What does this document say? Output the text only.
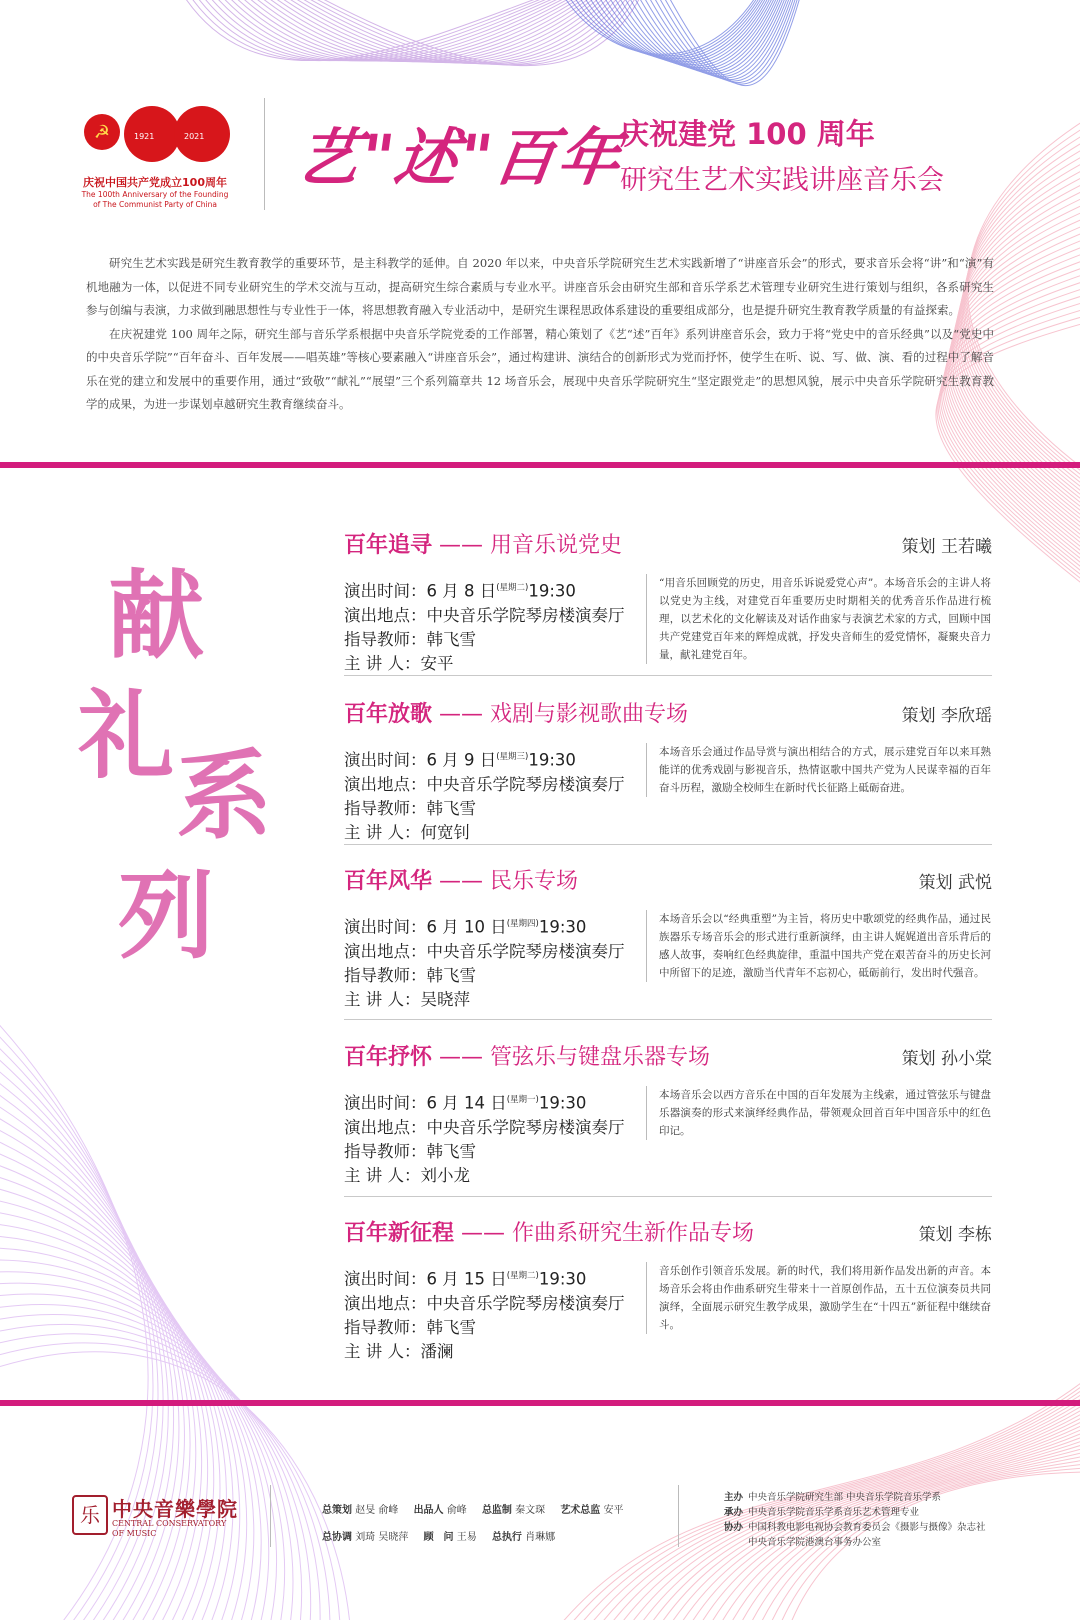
☭	1921	2021
庆祝中国共产党成立100周年
The 100th Anniversary of the Founding of The Communist Party of China
艺"述"百年
庆祝建党 100 周年
研究生艺术实践讲座音乐会

研究生艺术实践是研究生教育教学的重要环节，是主科教学的延伸。自 2020 年以来，中央音乐学院研究生艺术实践新增了“讲座音乐会”的形式，要求音乐会将“讲”和“演”有机地融为一体，以促进不同专业研究生的学术交流与互动，提高研究生综合素质与专业水平。讲座音乐会由研究生部和音乐学系艺术管理专业研究生进行策划与组织，各系研究生参与创编与表演，力求做到融思想性与专业性于一体，将思想教育融入专业活动中，是研究生课程思政体系建设的重要组成部分，也是提升研究生教育教学质量的有益探索。

在庆祝建党 100 周年之际，研究生部与音乐学系根据中央音乐学院党委的工作部署，精心策划了《艺“述”百年》系列讲座音乐会，致力于将“党史中的音乐经典”以及“党史中的中央音乐学院”“百年奋斗、百年发展——唱英雄”等核心要素融入“讲座音乐会”，通过构建讲、演结合的创新形式为党而抒怀，使学生在听、说、写、做、演、看的过程中了解音乐在党的建立和发展中的重要作用，通过“致敬”“献礼”“展望”三个系列篇章共 12 场音乐会，展现中央音乐学院研究生“坚定跟党走”的思想风貌，展示中央音乐学院研究生教育教学的成果，为进一步谋划卓越研究生教育继续奋斗。

献
礼
系
列
百年追寻 —— 用音乐说党史	策划 王若曦
演出时间：6 月 8 日$^{(星期二)}$19:30
演出地点：中央音乐学院琴房楼演奏厅
指导教师：韩飞雪
主 讲 人：安平
“用音乐回顾党的历史，用音乐诉说爱党心声”。本场音乐会的主讲人将以党史为主线，对建党百年重要历史时期相关的优秀音乐作品进行梳理，以艺术化的文化解读及对话作曲家与表演艺术家的方式，回顾中国共产党建党百年来的辉煌成就，抒发央音师生的爱党情怀，凝聚央音力量，献礼建党百年。
百年放歌 —— 戏剧与影视歌曲专场	策划 李欣瑶
演出时间：6 月 9 日$^{(星期三)}$19:30
演出地点：中央音乐学院琴房楼演奏厅
指导教师：韩飞雪
主 讲 人：何宽钊
本场音乐会通过作品导赏与演出相结合的方式，展示建党百年以来耳熟能详的优秀戏剧与影视音乐，热情讴歌中国共产党为人民谋幸福的百年奋斗历程，激励全校师生在新时代长征路上砥砺奋进。
百年风华 —— 民乐专场	策划 武悦
演出时间：6 月 10 日$^{(星期四)}$19:30
演出地点：中央音乐学院琴房楼演奏厅
指导教师：韩飞雪
主 讲 人：吴晓萍
本场音乐会以“经典重塑”为主旨，将历史中歌颂党的经典作品，通过民族器乐专场音乐会的形式进行重新演绎，由主讲人娓娓道出音乐背后的感人故事，奏响红色经典旋律，重温中国共产党在艰苦奋斗的历史长河中所留下的足迹，激励当代青年不忘初心，砥砺前行，发出时代强音。
百年抒怀 —— 管弦乐与键盘乐器专场	策划 孙小棠
演出时间：6 月 14 日$^{(星期一)}$19:30
演出地点：中央音乐学院琴房楼演奏厅
指导教师：韩飞雪
主 讲 人：刘小龙
本场音乐会以西方音乐在中国的百年发展为主线索，通过管弦乐与键盘乐器演奏的形式来演绎经典作品，带领观众回首百年中国音乐中的红色印记。
百年新征程 —— 作曲系研究生新作品专场	策划 李栋
演出时间：6 月 15 日$^{(星期二)}$19:30
演出地点：中央音乐学院琴房楼演奏厅
指导教师：韩飞雪
主 讲 人：潘澜
音乐创作引领音乐发展。新的时代，我们将用新作品发出新的声音。本场音乐会将由作曲系研究生带来十一首原创作品，五十五位演奏员共同演绎，全面展示研究生教学成果，激励学生在“十四五”新征程中继续奋斗。
乐 中央音樂學院
CENTRAL CONSERVATORY
OF MUSIC
总策划 赵旻 俞峰 出品人 俞峰 总监制 秦文琛 艺术总监 安平
总协调 刘琦 吴晓萍 顾　问 王易 总执行 肖琳娜
主办 中央音乐学院研究生部 中央音乐学院音乐学系
承办 中央音乐学院音乐学系音乐艺术管理专业
协办 中国科教电影电视协会教育委员会《摄影与摄像》杂志社
中央音乐学院港澳台事务办公室
